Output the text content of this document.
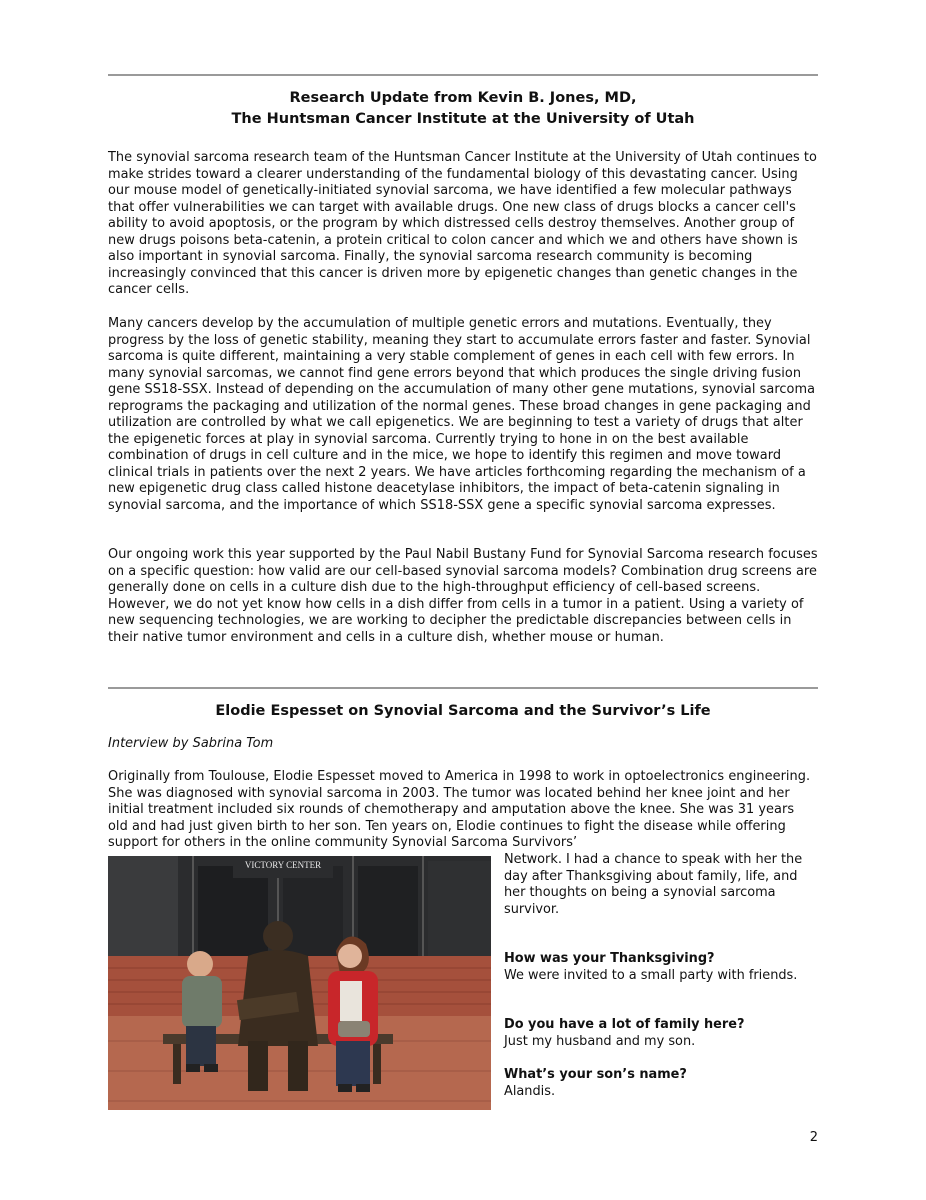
Research Update from Kevin B. Jones, MD,
The Huntsman Cancer Institute at the University of Utah

The synovial sarcoma research team of the Huntsman Cancer Institute at the University of Utah continues to make strides toward a clearer understanding of the fundamental biology of this devastating cancer. Using our mouse model of genetically-initiated synovial sarcoma, we have identified a few molecular pathways that offer vulnerabilities we can target with available drugs. One new class of drugs blocks a cancer cell's ability to avoid apoptosis, or the program by which distressed cells destroy themselves. Another group of new drugs poisons beta-catenin, a protein critical to colon cancer and which we and others have shown is also important in synovial sarcoma. Finally, the synovial sarcoma research community is becoming increasingly convinced that this cancer is driven more by epigenetic changes than genetic changes in the cancer cells.

Many cancers develop by the accumulation of multiple genetic errors and mutations. Eventually, they progress by the loss of genetic stability, meaning they start to accumulate errors faster and faster. Synovial sarcoma is quite different, maintaining a very stable complement of genes in each cell with few errors. In many synovial sarcomas, we cannot find gene errors beyond that which produces the single driving fusion gene SS18-SSX. Instead of depending on the accumulation of many other gene mutations, synovial sarcoma reprograms the packaging and utilization of the normal genes. These broad changes in gene packaging and utilization are controlled by what we call epigenetics. We are beginning to test a variety of drugs that alter the epigenetic forces at play in synovial sarcoma. Currently trying to hone in on the best available combination of drugs in cell culture and in the mice, we hope to identify this regimen and move toward clinical trials in patients over the next 2 years. We have articles forthcoming regarding the mechanism of a new epigenetic drug class called histone deacetylase inhibitors, the impact of beta-catenin signaling in synovial sarcoma, and the importance of which SS18-SSX gene a specific synovial sarcoma expresses.

Our ongoing work this year supported by the Paul Nabil Bustany Fund for Synovial Sarcoma research focuses on a specific question: how valid are our cell-based synovial sarcoma models? Combination drug screens are generally done on cells in a culture dish due to the high-throughput efficiency of cell-based screens. However, we do not yet know how cells in a dish differ from cells in a tumor in a patient. Using a variety of new sequencing technologies, we are working to decipher the predictable discrepancies between cells in their native tumor environment and cells in a culture dish, whether mouse or human.

Elodie Espesset on Synovial Sarcoma and the Survivor’s Life

Interview by Sabrina Tom

Originally from Toulouse, Elodie Espesset moved to America in 1998 to work in optoelectronics engineering. She was diagnosed with synovial sarcoma in 2003. The tumor was located behind her knee joint and her initial treatment included six rounds of chemotherapy and amputation above the knee. She was 31 years old and had just given birth to her son. Ten years on, Elodie continues to fight the disease while offering support for others in the online community Synovial Sarcoma Survivors’

VICTORY CENTER	Network. I had a chance to speak with her the day after Thanksgiving about family, life, and her thoughts on being a synovial sarcoma survivor.

How was your Thanksgiving?
We were invited to a small party with friends.
Do you have a lot of family here?
Just my husband and my son.
What’s your son’s name?
Alandis.
2
